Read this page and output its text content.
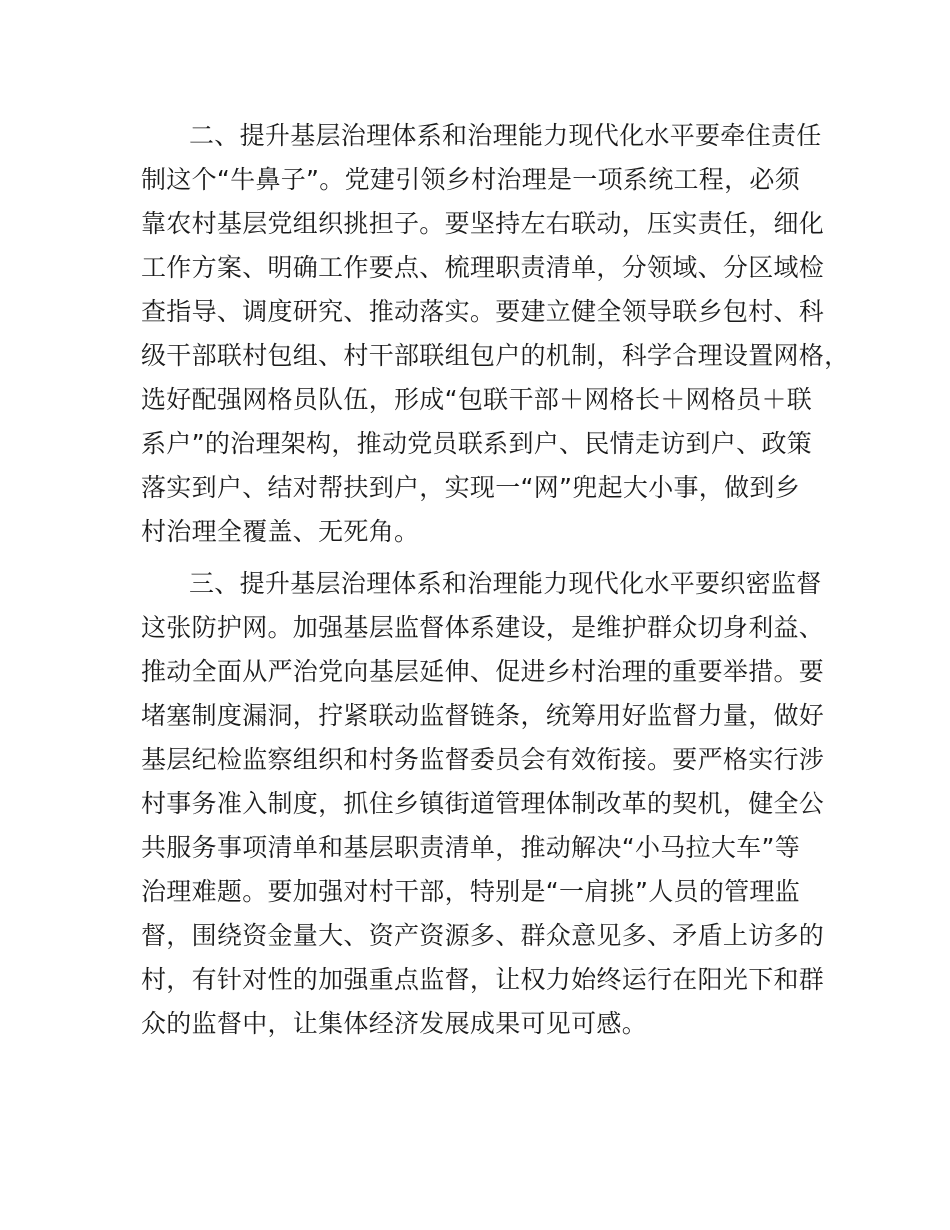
二、提升基层治理体系和治理能力现代化水平要牵住责任
制这个“牛鼻子”。党建引领乡村治理是一项系统工程，必须
靠农村基层党组织挑担子。要坚持左右联动，压实责任，细化
工作方案、明确工作要点、梳理职责清单，分领域、分区域检
查指导、调度研究、推动落实。要建立健全领导联乡包村、科
级干部联村包组、村干部联组包户的机制，科学合理设置网格，
选好配强网格员队伍，形成“包联干部＋网格长＋网格员＋联
系户”的治理架构，推动党员联系到户、民情走访到户、政策
落实到户、结对帮扶到户，实现一“网”兜起大小事，做到乡
村治理全覆盖、无死角。
三、提升基层治理体系和治理能力现代化水平要织密监督
这张防护网。加强基层监督体系建设，是维护群众切身利益、
推动全面从严治党向基层延伸、促进乡村治理的重要举措。要
堵塞制度漏洞，拧紧联动监督链条，统筹用好监督力量，做好
基层纪检监察组织和村务监督委员会有效衔接。要严格实行涉
村事务准入制度，抓住乡镇街道管理体制改革的契机，健全公
共服务事项清单和基层职责清单，推动解决“小马拉大车”等
治理难题。要加强对村干部，特别是“一肩挑”人员的管理监
督，围绕资金量大、资产资源多、群众意见多、矛盾上访多的
村，有针对性的加强重点监督，让权力始终运行在阳光下和群
众的监督中，让集体经济发展成果可见可感。
